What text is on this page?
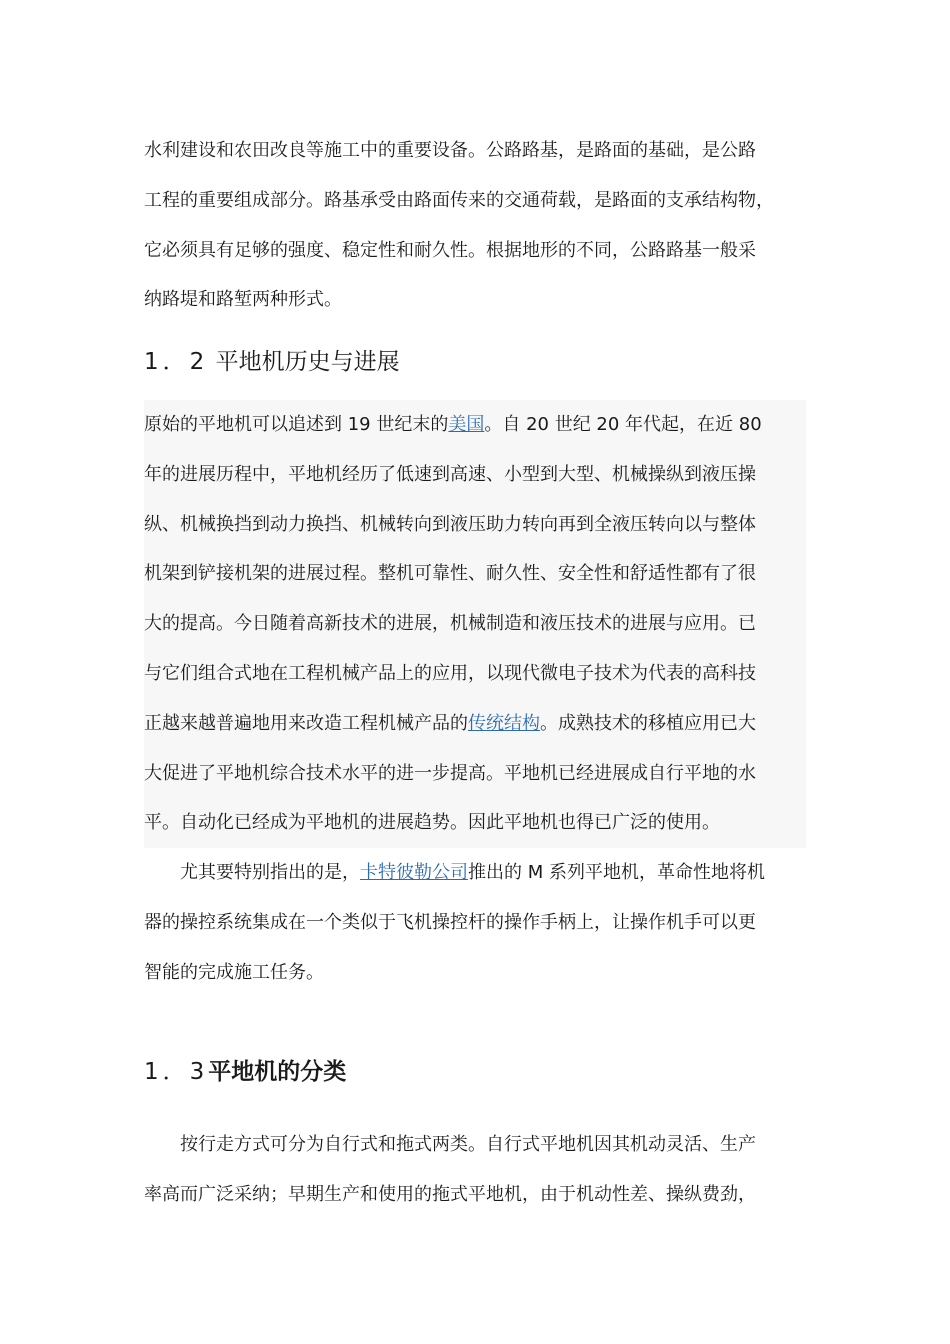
水利建设和农田改良等施工中的重要设备。公路路基，是路面的基础，是公路
工程的重要组成部分。路基承受由路面传来的交通荷载，是路面的支承结构物，
它必须具有足够的强度、稳定性和耐久性。根据地形的不同，公路路基一般采
纳路堤和路堑两种形式。

1．2 平地机历史与进展

原始的平地机可以追述到 19 世纪末的美国。自 20 世纪 20 年代起，在近 80
年的进展历程中，平地机经历了低速到高速、小型到大型、机械操纵到液压操
纵、机械换挡到动力换挡、机械转向到液压助力转向再到全液压转向以与整体
机架到铲接机架的进展过程。整机可靠性、耐久性、安全性和舒适性都有了很
大的提高。今日随着高新技术的进展，机械制造和液压技术的进展与应用。已
与它们组合式地在工程机械产品上的应用，以现代微电子技术为代表的高科技
正越来越普遍地用来改造工程机械产品的传统结构。成熟技术的移植应用已大
大促进了平地机综合技术水平的进一步提高。平地机已经进展成自行平地的水
平。自动化已经成为平地机的进展趋势。因此平地机也得已广泛的使用。

尤其要特别指出的是，卡特彼勒公司推出的 M 系列平地机，革命性地将机
器的操控系统集成在一个类似于飞机操控杆的操作手柄上，让操作机手可以更
智能的完成施工任务。

1．3平地机的分类

按行走方式可分为自行式和拖式两类。自行式平地机因其机动灵活、生产
率高而广泛采纳；早期生产和使用的拖式平地机，由于机动性差、操纵费劲，
